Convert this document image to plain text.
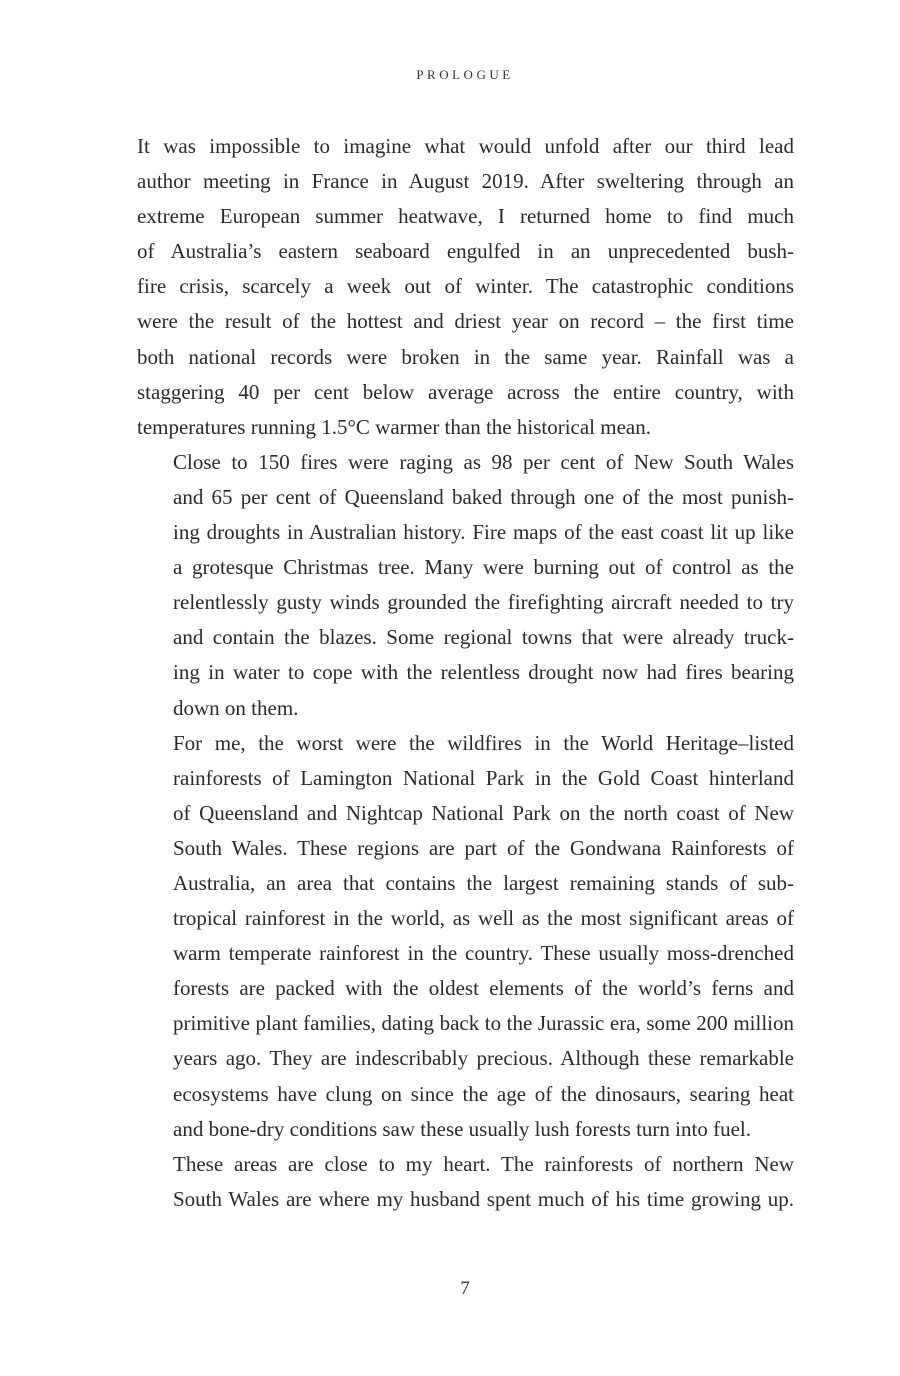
PROLOGUE

It was impossible to imagine what would unfold after our third lead
author meeting in France in August 2019. After sweltering through an
extreme European summer heatwave, I returned home to find much
of Australia’s eastern seaboard engulfed in an unprecedented bush-
fire crisis, scarcely a week out of winter. The catastrophic conditions
were the result of the hottest and driest year on record – the first time
both national records were broken in the same year. Rainfall was a
staggering 40 per cent below average across the entire country, with
temperatures running 1.5°C warmer than the historical mean.

Close to 150 fires were raging as 98 per cent of New South Wales
and 65 per cent of Queensland baked through one of the most punish-
ing droughts in Australian history. Fire maps of the east coast lit up like
a grotesque Christmas tree. Many were burning out of control as the
relentlessly gusty winds grounded the firefighting aircraft needed to try
and contain the blazes. Some regional towns that were already truck-
ing in water to cope with the relentless drought now had fires bearing
down on them.

For me, the worst were the wildfires in the World Heritage–listed
rainforests of Lamington National Park in the Gold Coast hinterland
of Queensland and Nightcap National Park on the north coast of New
South Wales. These regions are part of the Gondwana Rainforests of
Australia, an area that contains the largest remaining stands of sub-
tropical rainforest in the world, as well as the most significant areas of
warm temperate rainforest in the country. These usually moss-drenched
forests are packed with the oldest elements of the world’s ferns and
primitive plant families, dating back to the Jurassic era, some 200 million
years ago. They are indescribably precious. Although these remarkable
ecosystems have clung on since the age of the dinosaurs, searing heat
and bone-dry conditions saw these usually lush forests turn into fuel.

These areas are close to my heart. The rainforests of northern New
South Wales are where my husband spent much of his time growing up.

7
